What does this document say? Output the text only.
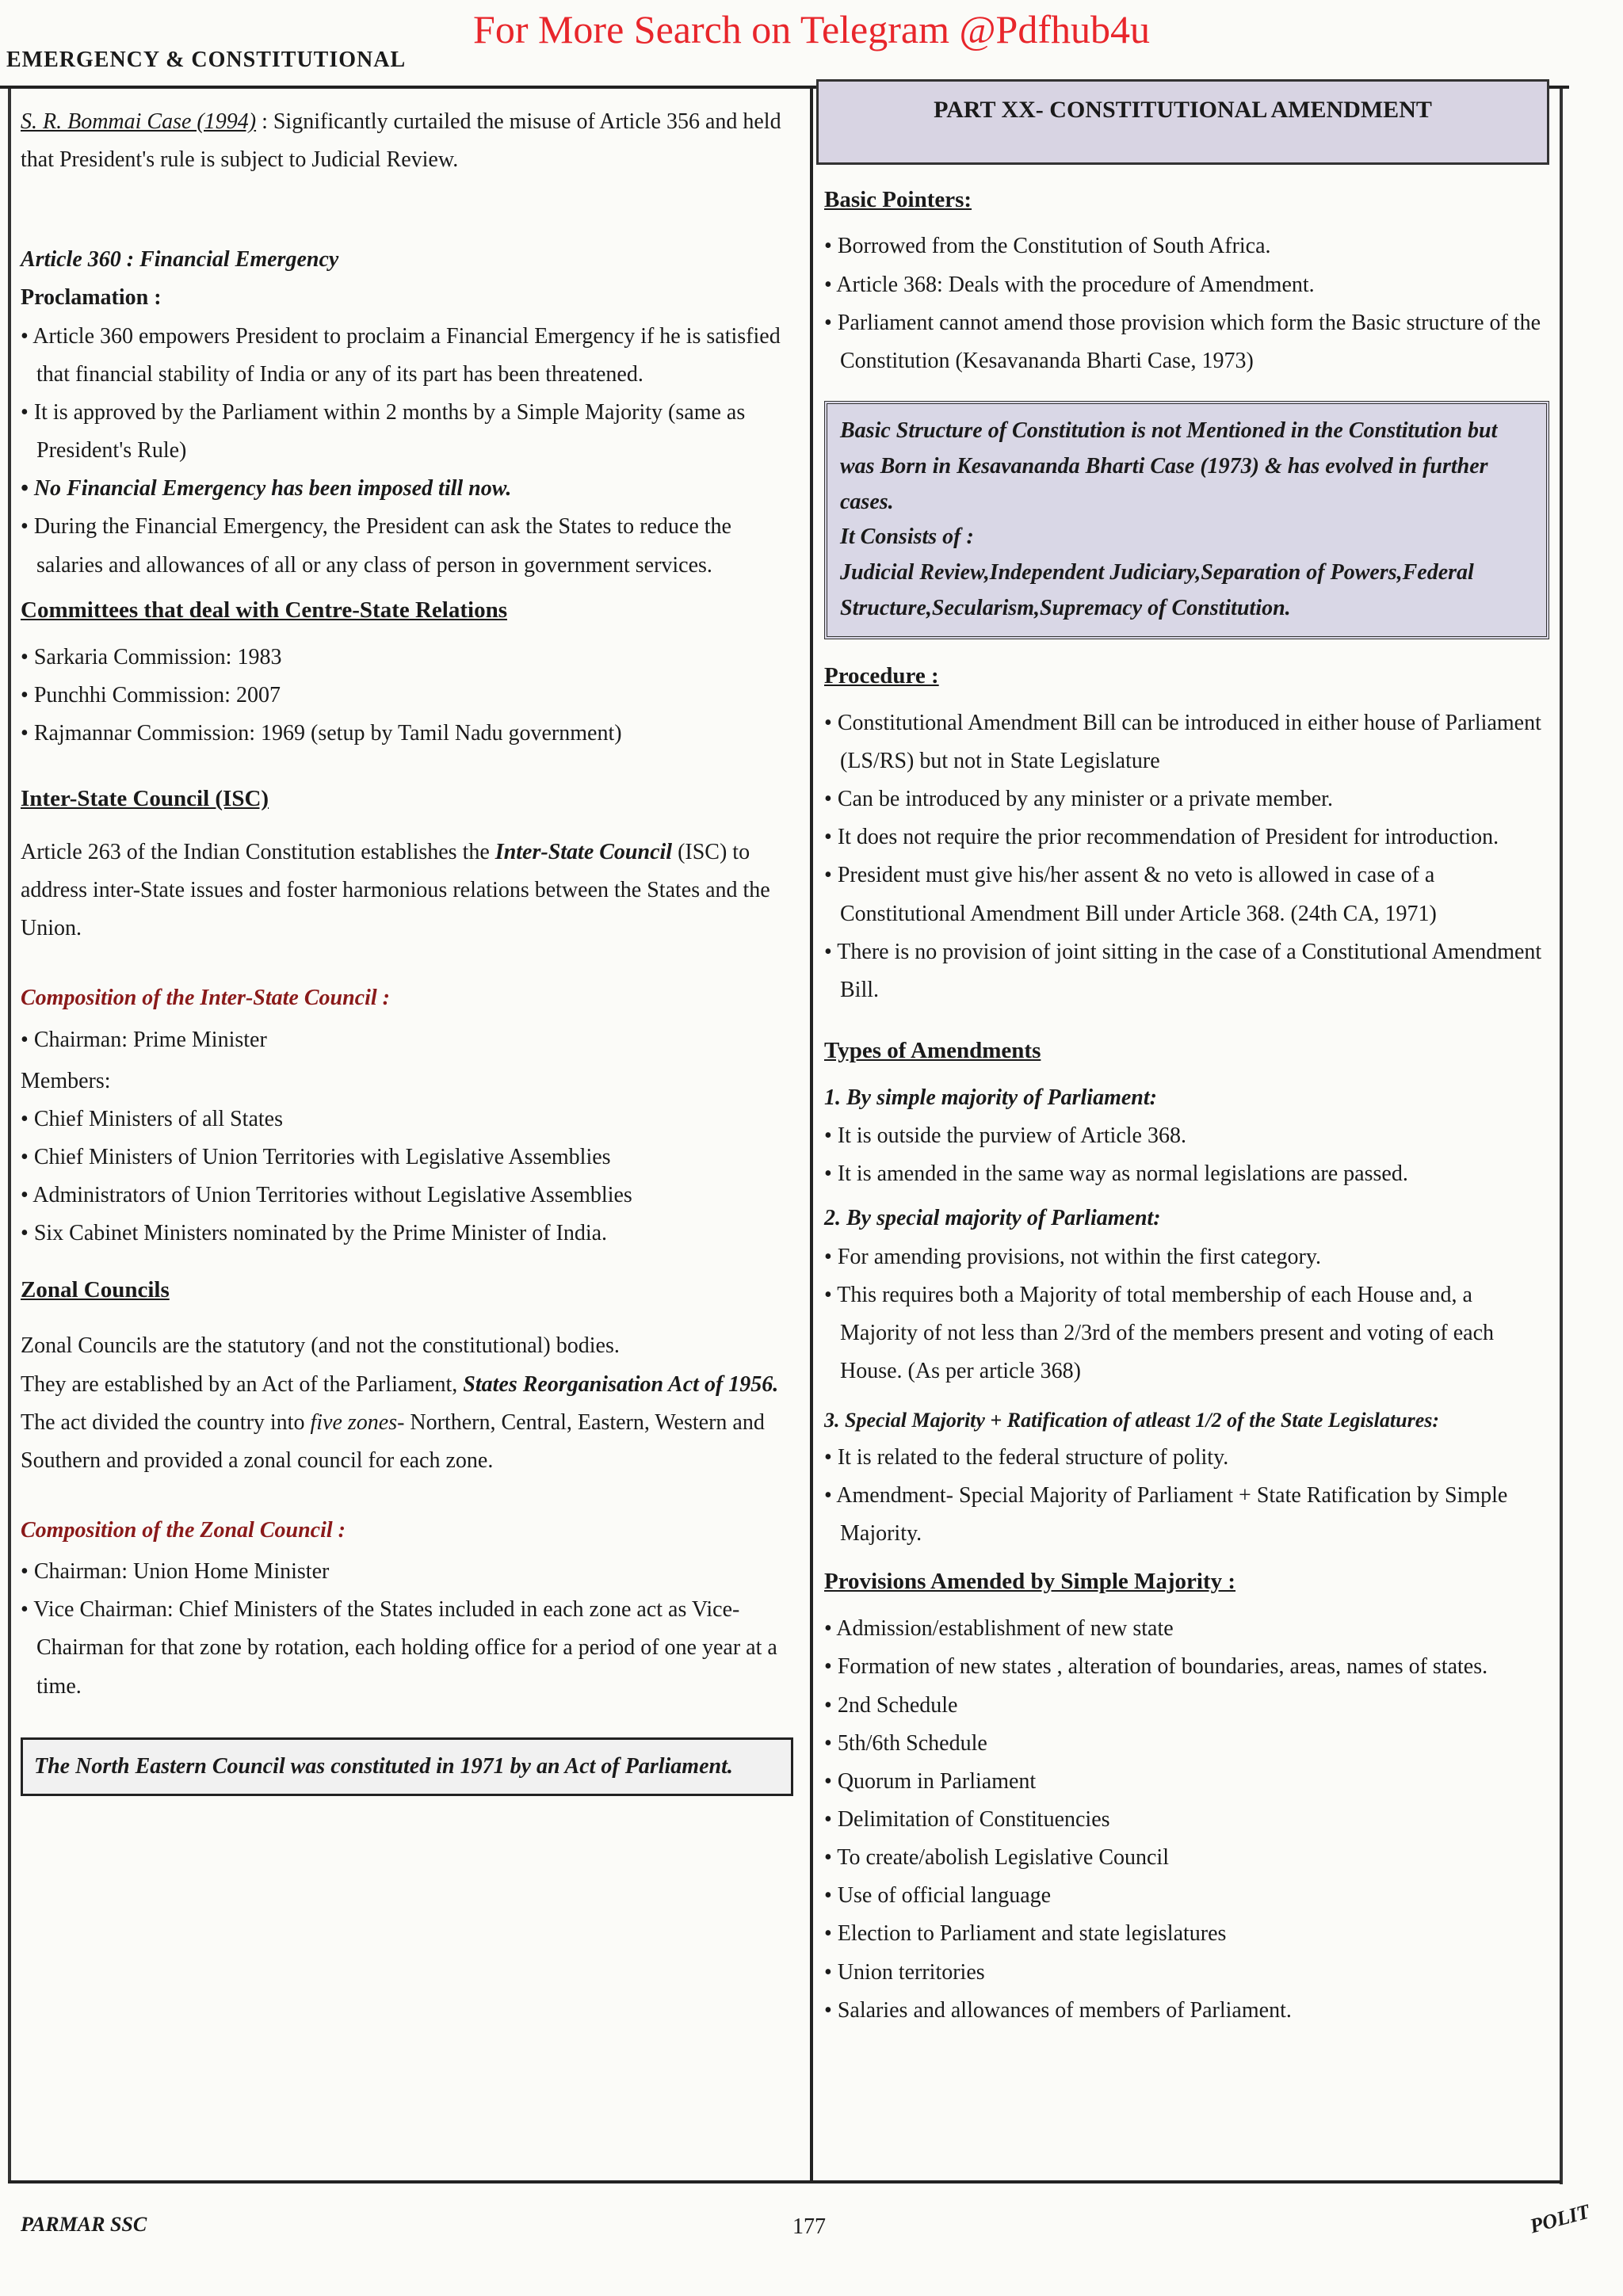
For More Search on Telegram @Pdfhub4u
EMERGENCY & CONSTITUTIONAL

S. R. Bommai Case (1994) : Significantly curtailed the misuse of Article 356 and held that President's rule is subject to Judicial Review.

Article 360 : Financial Emergency
Proclamation :
• Article 360 empowers President to proclaim a Financial Emergency if he is satisfied that financial stability of India or any of its part has been threatened.
• It is approved by the Parliament within 2 months by a Simple Majority (same as President's Rule)
• No Financial Emergency has been imposed till now.
• During the Financial Emergency, the President can ask the States to reduce the salaries and allowances of all or any class of person in government services.
Committees that deal with Centre-State Relations
• Sarkaria Commission: 1983
• Punchhi Commission: 2007
• Rajmannar Commission: 1969 (setup by Tamil Nadu government)
Inter-State Council (ISC)

Article 263 of the Indian Constitution establishes the Inter-State Council (ISC) to address inter-State issues and foster harmonious relations between the States and the Union.

Composition of the Inter-State Council :
• Chairman: Prime Minister
Members:
• Chief Ministers of all States
• Chief Ministers of Union Territories with Legislative Assemblies
• Administrators of Union Territories without Legislative Assemblies
• Six Cabinet Ministers nominated by the Prime Minister of India.
Zonal Councils

Zonal Councils are the statutory (and not the constitutional) bodies.

They are established by an Act of the Parliament, States Reorganisation Act of 1956.

The act divided the country into five zones- Northern, Central, Eastern, Western and Southern and provided a zonal council for each zone.

Composition of the Zonal Council :
• Chairman: Union Home Minister
• Vice Chairman: Chief Ministers of the States included in each zone act as Vice-Chairman for that zone by rotation, each holding office for a period of one year at a time.
The North Eastern Council was constituted in 1971 by an Act of Parliament.
PART XX- CONSTITUTIONAL AMENDMENT
Basic Pointers:
• Borrowed from the Constitution of South Africa.
• Article 368: Deals with the procedure of Amendment.
• Parliament cannot amend those provision which form the Basic structure of the Constitution (Kesavananda Bharti Case, 1973)
Basic Structure of Constitution is not Mentioned in the Constitution but was Born in Kesavananda Bharti Case (1973) & has evolved in further cases.
It Consists of :
Judicial Review,Independent Judiciary,Separation of Powers,Federal Structure,Secularism,Supremacy of Constitution.
Procedure :
• Constitutional Amendment Bill can be introduced in either house of Parliament (LS/RS) but not in State Legislature
• Can be introduced by any minister or a private member.
• It does not require the prior recommendation of President for introduction.
• President must give his/her assent & no veto is allowed in case of a Constitutional Amendment Bill under Article 368. (24th CA, 1971)
• There is no provision of joint sitting in the case of a Constitutional Amendment Bill.
Types of Amendments
1. By simple majority of Parliament:
• It is outside the purview of Article 368.
• It is amended in the same way as normal legislations are passed.
2. By special majority of Parliament:
• For amending provisions, not within the first category.
• This requires both a Majority of total membership of each House and, a Majority of not less than 2/3rd of the members present and voting of each House. (As per article 368)
3. Special Majority + Ratification of atleast 1/2 of the State Legislatures:
• It is related to the federal structure of polity.
• Amendment- Special Majority of Parliament + State Ratification by Simple Majority.
Provisions Amended by Simple Majority :
• Admission/establishment of new state
• Formation of new states , alteration of boundaries, areas, names of states.
• 2nd Schedule
• 5th/6th Schedule
• Quorum in Parliament
• Delimitation of Constituencies
• To create/abolish Legislative Council
• Use of official language
• Election to Parliament and state legislatures
• Union territories
• Salaries and allowances of members of Parliament.
PARMAR SSC	177	POLIT
